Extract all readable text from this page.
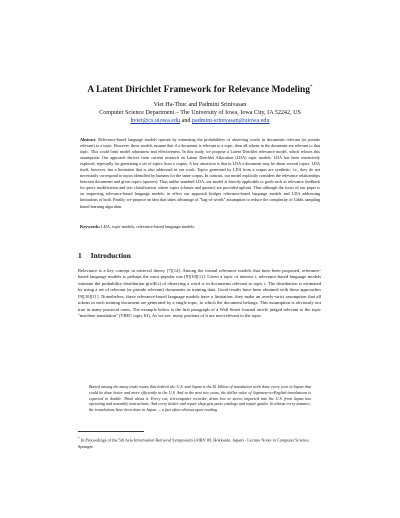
A Latent Dirichlet Framework for Relevance Modeling*
Viet Ha-Thuc and Padmini Srinivasan
Computer Science Department – The University of Iowa, Iowa City, IA 52242, US
hviet@cs.uiowa.edu and padmini-srinivasan@uiowa.edu
Abstract. Relevance-based language models operate by estimating the probabilities of observing words in documents relevant (or pseudo relevant) to a topic. However, these models assume that if a document is relevant to a topic, then all tokens in the document are relevant to that topic. This could limit model robustness and effectiveness. In this study, we propose a Latent Dirichlet relevance model, which relaxes this assumption. Our approach derives from current research on Latent Dirichlet Allocation (LDA) topic models. LDA has been extensively explored, especially for generating a set of topics from a corpus. A key attraction is that in LDA a document may be about several topics. LDA itself, however, has a limitation that is also addressed in our work. Topics generated by LDA from a corpus are synthetic, i.e., they do not necessarily correspond to topics identified by humans for the same corpus. In contrast, our model explicitly considers the relevance relationships between documents and given topics (queries). Thus unlike standard LDA, our model is directly applicable to goals such as relevance feedback for query modification and text classification, where topics (classes and queries) are provided upfront. Thus although the focus of our paper is on improving relevance-based language models, in effect our approach bridges relevance-based language models and LDA addressing limitations of both. Finally, we propose an idea that takes advantage of "bag-of-words" assumption to reduce the complexity of Gibbs sampling based learning algorithm.
Keywords: LDA, topic models, relevance-based language models.
1 Introduction
Relevance is a key concept in retrieval theory [7][14]. Among the formal relevance models that have been proposed, relevance-based language models is perhaps the most popular one [9][10][11]. Given a topic of interest t, relevance-based language models estimate the probability distribution p(w|R,t) of observing a word w in documents relevant to topic t. The distribution is estimated by using a set of relevant (or pseudo relevant) documents as training data. Good results have been obtained with these approaches [9][10][11]. Nonetheless, these relevance-based language models have a limitation: they make an overly-strict assumption that all tokens in each training document are generated by a single topic, to which the document belongs. This assumption is obviously not true in many practical cases. The example below is the first paragraph of a Wall Street Journal article judged relevant to the topic "machine translation" (TREC topic 63). As we see, many portions of it are non-relevant to the topic.
Buried among the many trade issues that bedevil the U.S. and Japan is the $1 billion of translation work done every year in Japan that could be done better and more efficiently in the U.S. And in the next two years, the dollar value of Japanese-to-English translations is expected to double. Think about it. Every car, telecomputer recorder, drum box or stereo imported into the U.S. from Japan has operating and assembly instructions. And every dealer and repair shop gets parts catalogs and repair guides. In almost every instance, the translations have been done in Japan — a fact often obvious upon reading
* In Proceedings of the 5th Asia Information Retrieval Symposium (AIRS' 09, Hokkaido, Japan) - Lecture Notes in Computer Science, Springer.
